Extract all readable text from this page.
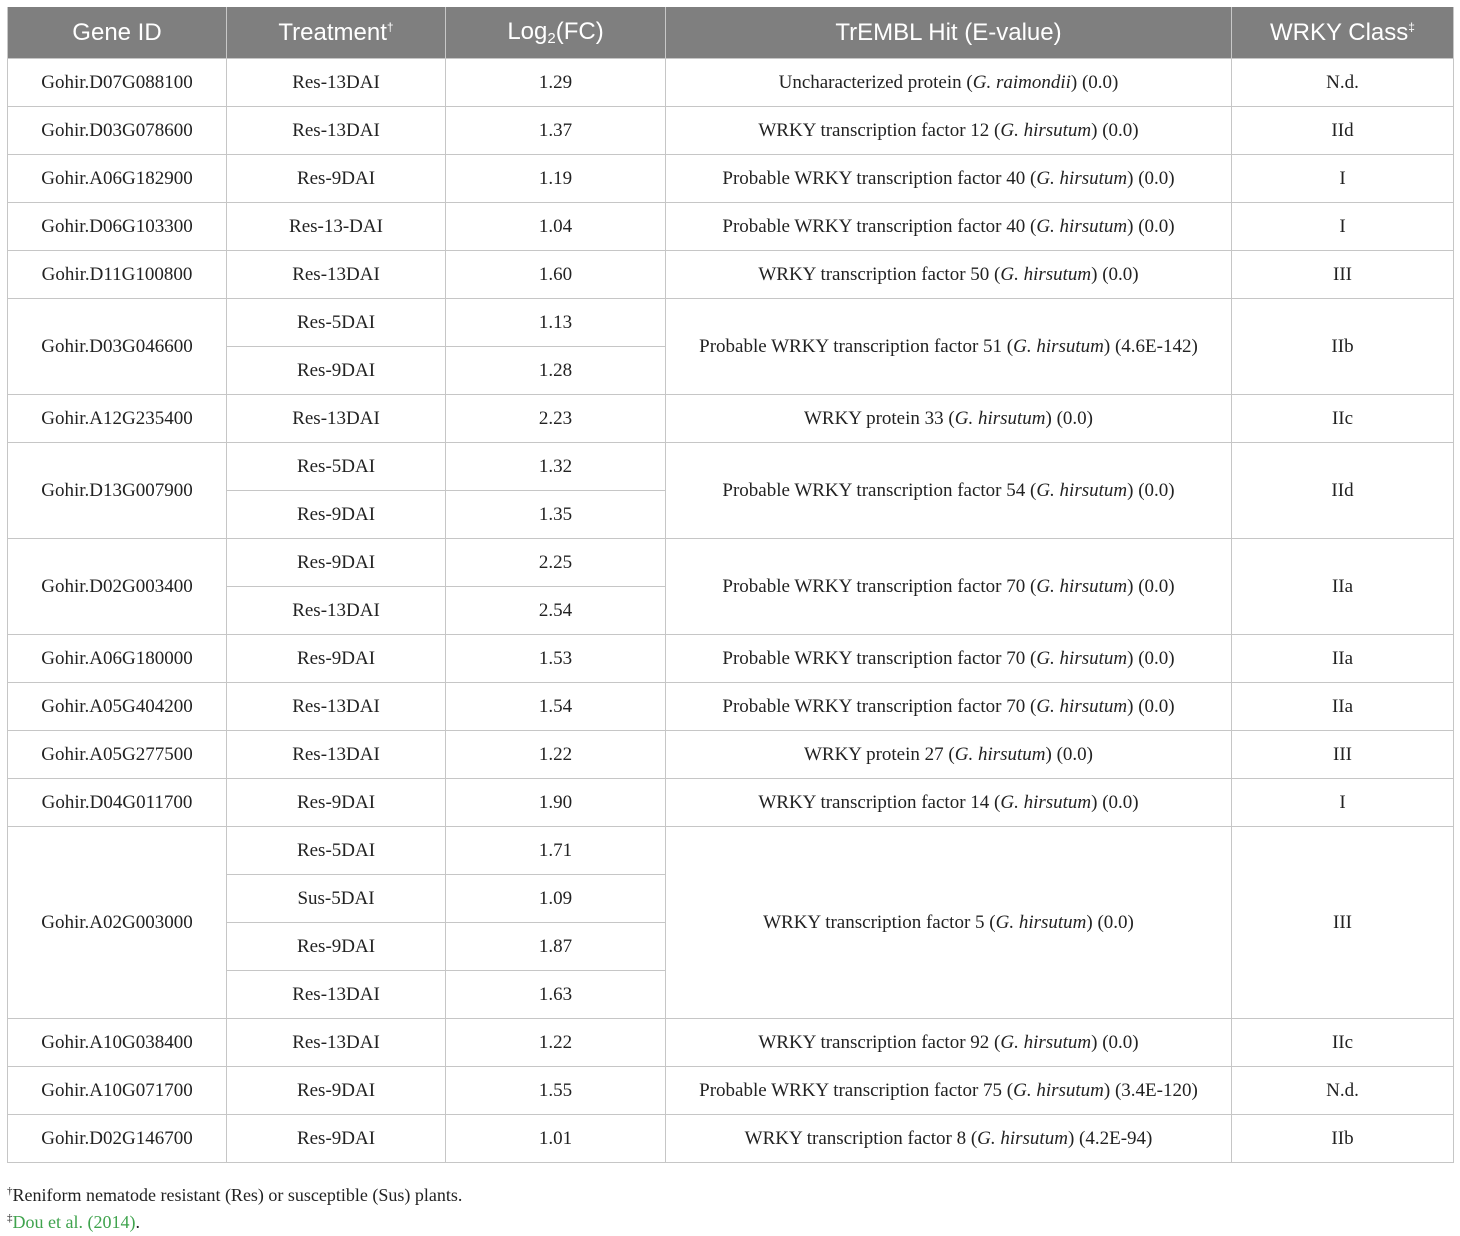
Gene ID	Treatment†	Log$_2$(FC)	TrEMBL Hit (E-value)	WRKY Class‡
Gohir.D07G088100	Res-13DAI	1.29	Uncharacterized protein (G. raimondii) (0.0)	N.d.
Gohir.D03G078600	Res-13DAI	1.37	WRKY transcription factor 12 (G. hirsutum) (0.0)	IId
Gohir.A06G182900	Res-9DAI	1.19	Probable WRKY transcription factor 40 (G. hirsutum) (0.0)	I
Gohir.D06G103300	Res-13-DAI	1.04	Probable WRKY transcription factor 40 (G. hirsutum) (0.0)	I
Gohir.D11G100800	Res-13DAI	1.60	WRKY transcription factor 50 (G. hirsutum) (0.0)	III
Gohir.D03G046600	Res-5DAI	1.13	Probable WRKY transcription factor 51 (G. hirsutum) (4.6E-142)	IIb
	Res-9DAI	1.28		
Gohir.A12G235400	Res-13DAI	2.23	WRKY protein 33 (G. hirsutum) (0.0)	IIc
Gohir.D13G007900	Res-5DAI	1.32	Probable WRKY transcription factor 54 (G. hirsutum) (0.0)	IId
	Res-9DAI	1.35		
Gohir.D02G003400	Res-9DAI	2.25	Probable WRKY transcription factor 70 (G. hirsutum) (0.0)	IIa
	Res-13DAI	2.54		
Gohir.A06G180000	Res-9DAI	1.53	Probable WRKY transcription factor 70 (G. hirsutum) (0.0)	IIa
Gohir.A05G404200	Res-13DAI	1.54	Probable WRKY transcription factor 70 (G. hirsutum) (0.0)	IIa
Gohir.A05G277500	Res-13DAI	1.22	WRKY protein 27 (G. hirsutum) (0.0)	III
Gohir.D04G011700	Res-9DAI	1.90	WRKY transcription factor 14 (G. hirsutum) (0.0)	I
Gohir.A02G003000	Res-5DAI	1.71	WRKY transcription factor 5 (G. hirsutum) (0.0)	III
	Sus-5DAI	1.09		
	Res-9DAI	1.87		
	Res-13DAI	1.63		
Gohir.A10G038400	Res-13DAI	1.22	WRKY transcription factor 92 (G. hirsutum) (0.0)	IIc
Gohir.A10G071700	Res-9DAI	1.55	Probable WRKY transcription factor 75 (G. hirsutum) (3.4E-120)	N.d.
Gohir.D02G146700	Res-9DAI	1.01	WRKY transcription factor 8 (G. hirsutum) (4.2E-94)	IIb
†Reniform nematode resistant (Res) or susceptible (Sus) plants.
‡Dou et al. (2014).
